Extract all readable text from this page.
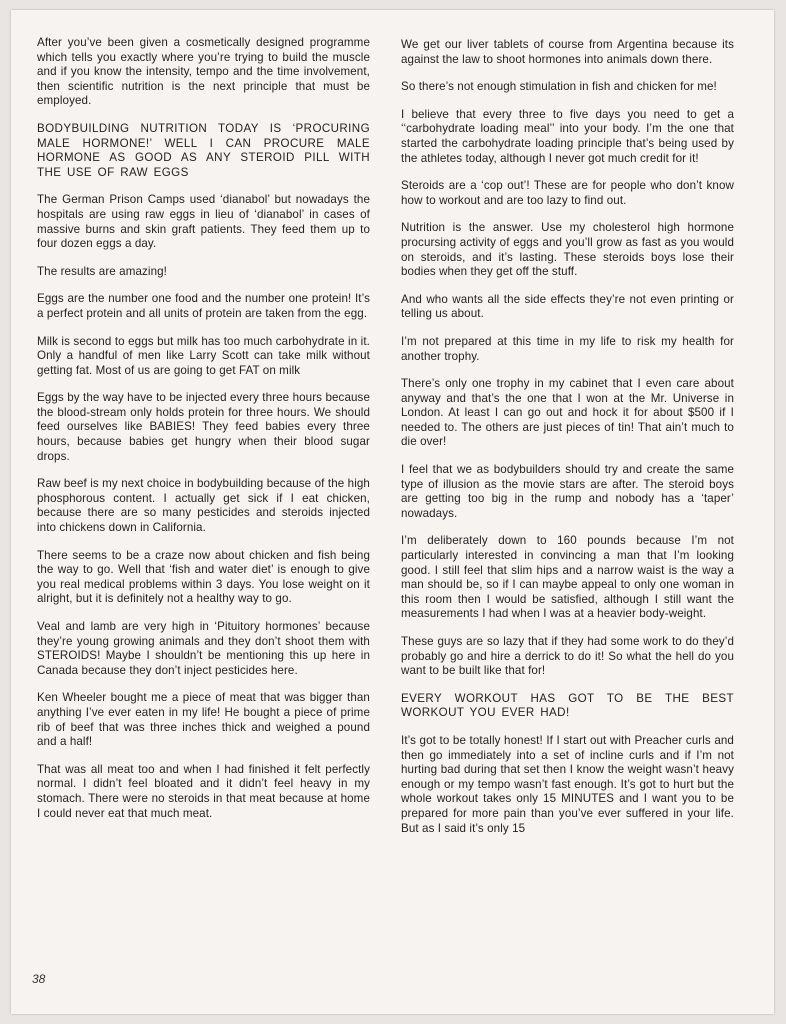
After you’ve been given a cosmetically designed programme which tells you exactly where you’re trying to build the muscle and if you know the intensity, tempo and the time involvement, then scientific nutrition is the next principle that must be employed.

BODYBUILDING NUTRITION TODAY IS ‘PROCURING MALE HORMONE!’ WELL I CAN PROCURE MALE HORMONE AS GOOD AS ANY STEROID PILL WITH THE USE OF RAW EGGS

The German Prison Camps used ‘dianabol’ but nowadays the hospitals are using raw eggs in lieu of ‘dianabol’ in cases of massive burns and skin graft patients. They feed them up to four dozen eggs a day.

The results are amazing!

Eggs are the number one food and the number one protein! It’s a perfect protein and all units of protein are taken from the egg.

Milk is second to eggs but milk has too much carbohydrate in it. Only a handful of men like Larry Scott can take milk without getting fat. Most of us are going to get FAT on milk

Eggs by the way have to be injected every three hours because the blood-stream only holds protein for three hours. We should feed ourselves like BABIES! They feed babies every three hours, because babies get hungry when their blood sugar drops.

Raw beef is my next choice in bodybuilding because of the high phosphorous content. I actually get sick if I eat chicken, because there are so many pesticides and steroids injected into chickens down in California.

There seems to be a craze now about chicken and fish being the way to go. Well that ‘fish and water diet’ is enough to give you real medical problems within 3 days. You lose weight on it alright, but it is definitely not a healthy way to go.

Veal and lamb are very high in ‘Pituitory hormones’ because they’re young growing animals and they don’t shoot them with STEROIDS! Maybe I shouldn’t be mentioning this up here in Canada because they don’t inject pesticides here.

Ken Wheeler bought me a piece of meat that was bigger than anything I’ve ever eaten in my life! He bought a piece of prime rib of beef that was three inches thick and weighed a pound and a half!

That was all meat too and when I had finished it felt perfectly normal. I didn’t feel bloated and it didn’t feel heavy in my stomach. There were no steroids in that meat because at home I could never eat that much meat.

We get our liver tablets of course from Argentina because its against the law to shoot hormones into animals down there.

So there’s not enough stimulation in fish and chicken for me!

I believe that every three to five days you need to get a ‘‘carbohydrate loading meal’’ into your body. I’m the one that started the carbohydrate loading principle that’s being used by the athletes today, although I never got much credit for it!

Steroids are a ‘cop out’! These are for people who don’t know how to workout and are too lazy to find out.

Nutrition is the answer. Use my cholesterol high hormone procursing activity of eggs and you’ll grow as fast as you would on steroids, and it’s lasting. These steroids boys lose their bodies when they get off the stuff.

And who wants all the side effects they’re not even printing or telling us about.

I’m not prepared at this time in my life to risk my health for another trophy.

There’s only one trophy in my cabinet that I even care about anyway and that’s the one that I won at the Mr. Universe in London. At least I can go out and hock it for about $500 if I needed to. The others are just pieces of tin! That ain’t much to die over!

I feel that we as bodybuilders should try and create the same type of illusion as the movie stars are after. The steroid boys are getting too big in the rump and nobody has a ‘taper’ nowadays.

I’m deliberately down to 160 pounds because I’m not particularly interested in convincing a man that I’m looking good. I still feel that slim hips and a narrow waist is the way a man should be, so if I can maybe appeal to only one woman in this room then I would be satisfied, although I still want the measurements I had when I was at a heavier body-weight.

These guys are so lazy that if they had some work to do they’d probably go and hire a derrick to do it! So what the hell do you want to be built like that for!

EVERY WORKOUT HAS GOT TO BE THE BEST WORKOUT YOU EVER HAD!

It’s got to be totally honest! If I start out with Preacher curls and then go immediately into a set of incline curls and if I’m not hurting bad during that set then I know the weight wasn’t heavy enough or my tempo wasn’t fast enough. It’s got to hurt but the whole workout takes only 15 MINUTES and I want you to be prepared for more pain than you’ve ever suffered in your life. But as I said it’s only 15

38
